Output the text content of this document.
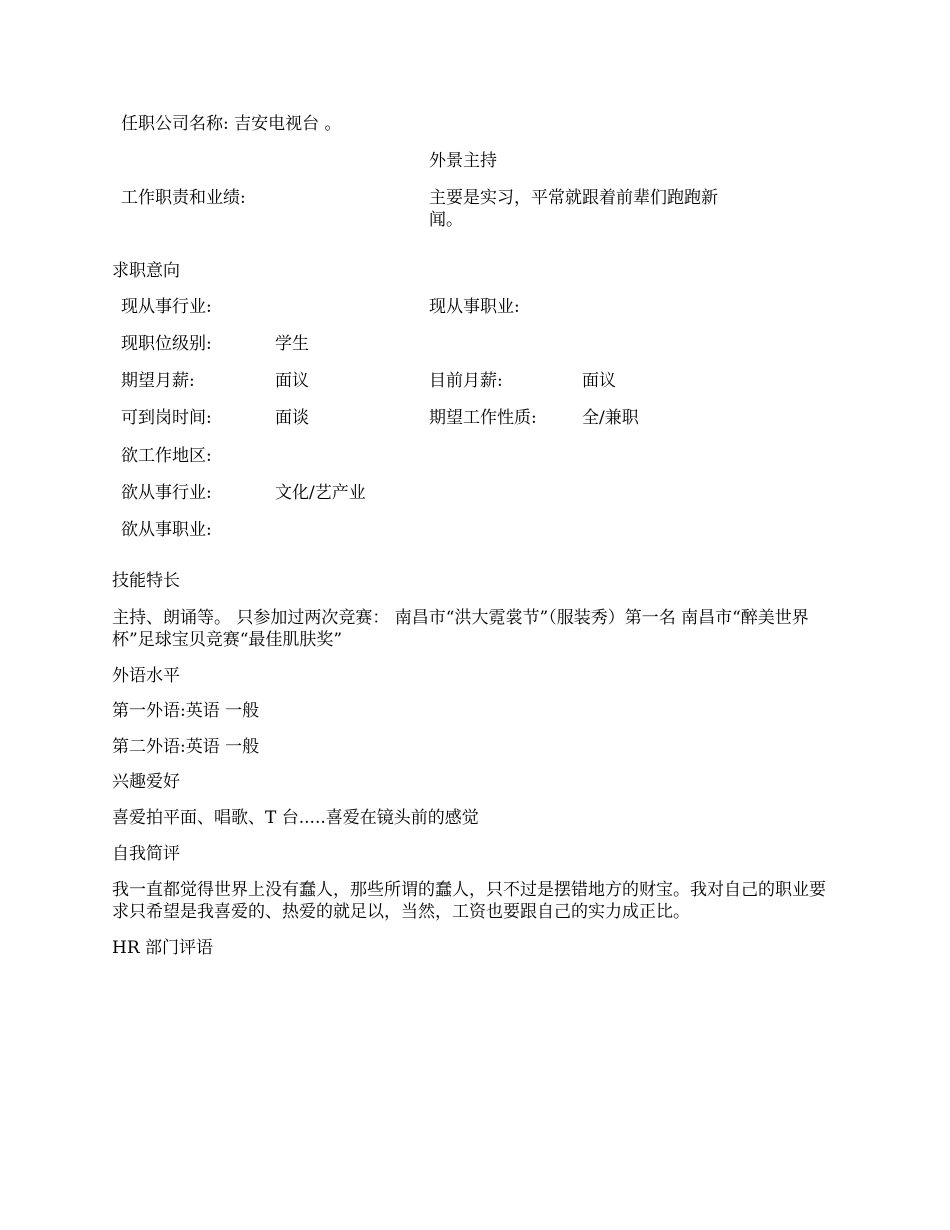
任职公司名称: 吉安电视台 。
外景主持
工作职责和业绩:	主要是实习，平常就跟着前辈们跑跑新闻。
求职意向
现从事行业:	现从事职业:
现职位级别:	学生
期望月薪:	面议	目前月薪:	面议
可到岗时间:	面谈	期望工作性质:	全/兼职
欲工作地区:
欲从事行业:	文化/艺产业
欲从事职业:
技能特长
主持、朗诵等。 只参加过两次竞赛： 南昌市“洪大霓裳节”（服装秀）第一名 南昌市“醉美世界杯”足球宝贝竞赛“最佳肌肤奖”
外语水平
第一外语:英语 一般
第二外语:英语 一般
兴趣爱好
喜爱拍平面、唱歌、T 台.....喜爱在镜头前的感觉
自我简评
我一直都觉得世界上没有蠢人，那些所谓的蠢人，只不过是摆错地方的财宝。我对自己的职业要求只希望是我喜爱的、热爱的就足以，当然，工资也要跟自己的实力成正比。
HR 部门评语
